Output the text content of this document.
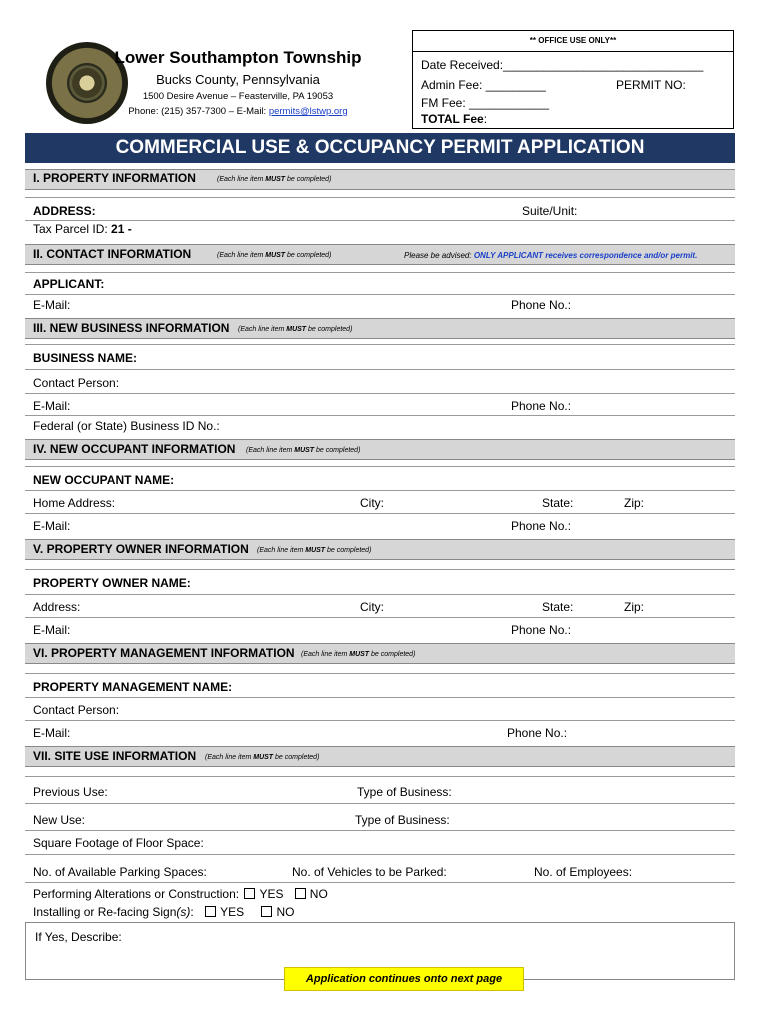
Lower Southampton Township
Bucks County, Pennsylvania
1500 Desire Avenue – Feasterville, PA 19053
Phone: (215) 357-7300 – E-Mail: permits@lstwp.org
** OFFICE USE ONLY**
Date Received:______________________________
Admin Fee: _________	PERMIT NO:
FM Fee: ____________
TOTAL Fee:
COMMERCIAL USE & OCCUPANCY PERMIT APPLICATION
I. PROPERTY INFORMATION	(Each line item MUST be completed)
ADDRESS:	Suite/Unit:
Tax Parcel ID: 21 -
II. CONTACT INFORMATION	(Each line item MUST be completed)	Please be advised: ONLY APPLICANT receives correspondence and/or permit.
APPLICANT:
E-Mail:	Phone No.:
III. NEW BUSINESS INFORMATION (Each line item MUST be completed)
BUSINESS NAME:
Contact Person:
E-Mail:	Phone No.:
Federal (or State) Business ID No.:
IV. NEW OCCUPANT INFORMATION (Each line item MUST be completed)
NEW OCCUPANT NAME:
Home Address:	City:	State:	Zip:
E-Mail:	Phone No.:
V. PROPERTY OWNER INFORMATION (Each line item MUST be completed)
PROPERTY OWNER NAME:
Address:	City:	State:	Zip:
E-Mail:	Phone No.:
VI. PROPERTY MANAGEMENT INFORMATION (Each line item MUST be completed)
PROPERTY MANAGEMENT NAME:
Contact Person:
E-Mail:	Phone No.:
VII. SITE USE INFORMATION (Each line item MUST be completed)
Previous Use:	Type of Business:
New Use:	Type of Business:
Square Footage of Floor Space:
No. of Available Parking Spaces:	No. of Vehicles to be Parked:	No. of Employees:
Performing Alterations or Construction: YES NO
Installing or Re-facing Sign(s): YES	NO
If Yes, Describe:
Application continues onto next page
